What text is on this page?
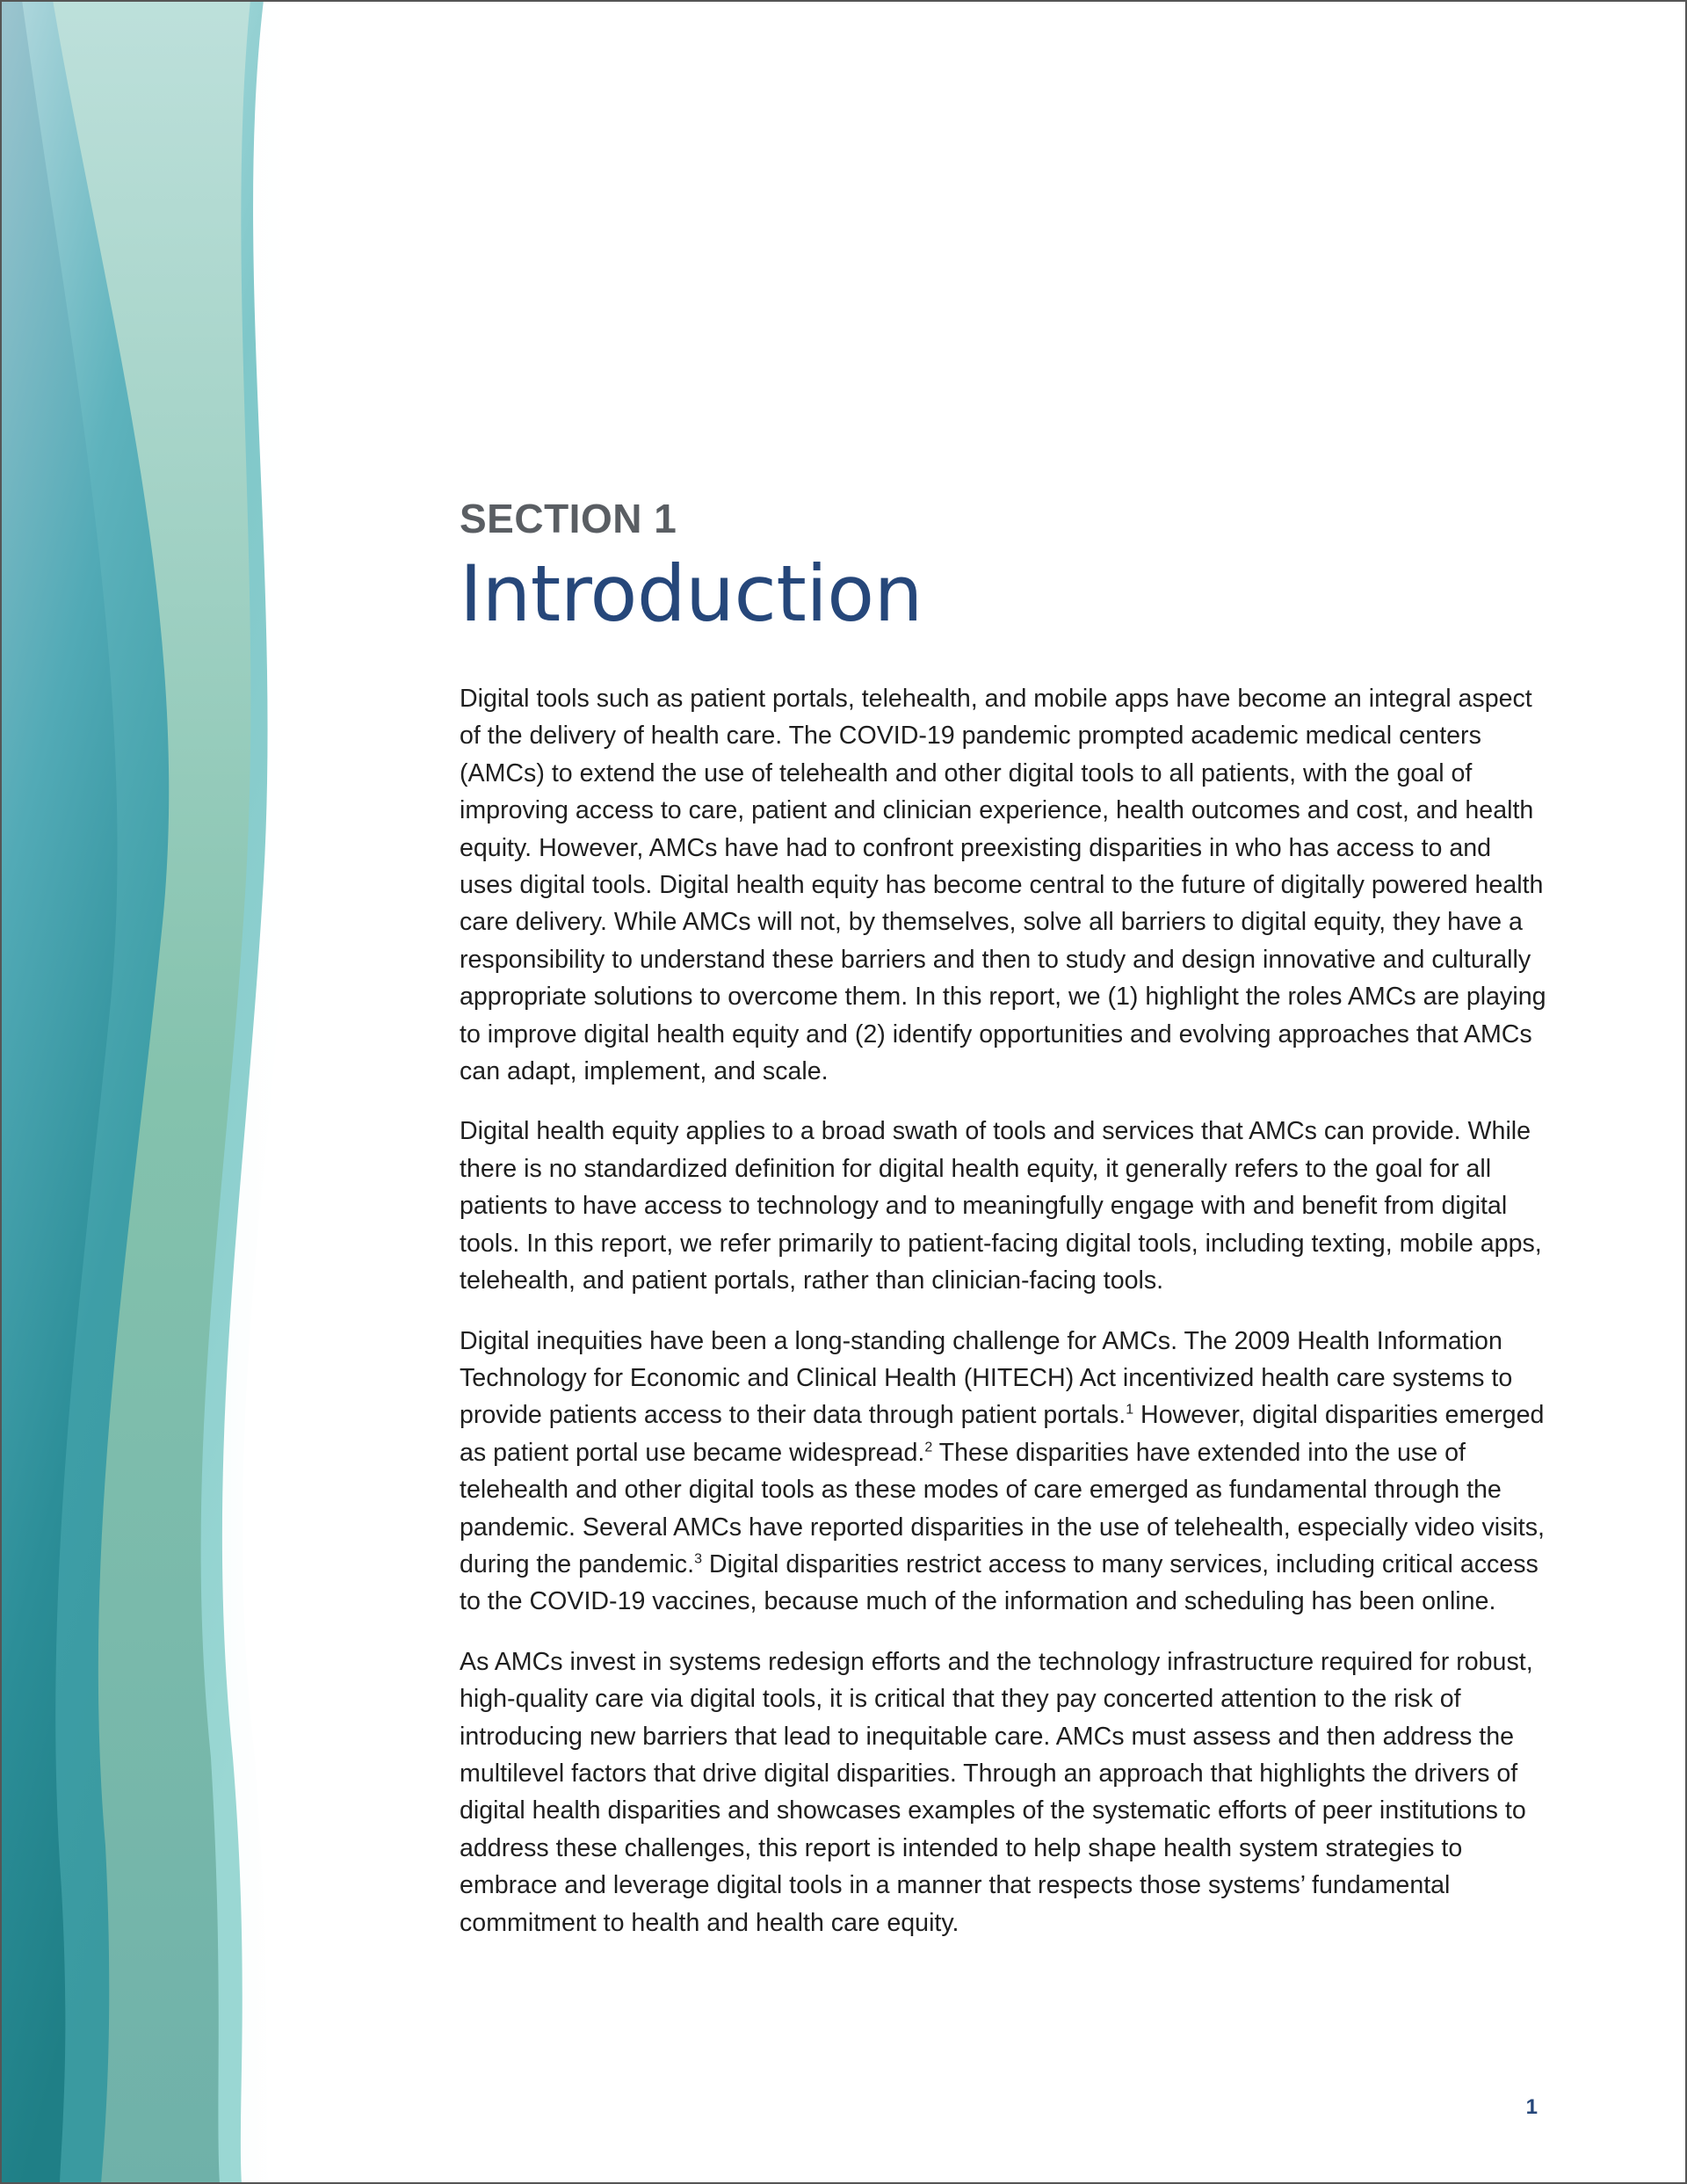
SECTION 1
Introduction

Digital tools such as patient portals, telehealth, and mobile apps have become an integral aspect of the delivery of health care. The COVID-19 pandemic prompted academic medical centers (AMCs) to extend the use of telehealth and other digital tools to all patients, with the goal of improving access to care, patient and clinician experience, health outcomes and cost, and health equity. However, AMCs have had to confront preexisting disparities in who has access to and uses digital tools. Digital health equity has become central to the future of digitally powered health care delivery. While AMCs will not, by themselves, solve all barriers to digital equity, they have a responsibility to understand these barriers and then to study and design innovative and culturally appropriate solutions to overcome them. In this report, we (1) highlight the roles AMCs are playing to improve digital health equity and (2) identify opportunities and evolving approaches that AMCs can adapt, implement, and scale.

Digital health equity applies to a broad swath of tools and services that AMCs can provide. While there is no standardized definition for digital health equity, it generally refers to the goal for all patients to have access to technology and to meaningfully engage with and benefit from digital tools. In this report, we refer primarily to patient-facing digital tools, including texting, mobile apps, telehealth, and patient portals, rather than clinician-facing tools.

Digital inequities have been a long-standing challenge for AMCs. The 2009 Health Information Technology for Economic and Clinical Health (HITECH) Act incentivized health care systems to provide patients access to their data through patient portals.$^1$ However, digital disparities emerged as patient portal use became widespread.$^2$ These disparities have extended into the use of telehealth and other digital tools as these modes of care emerged as fundamental through the pandemic. Several AMCs have reported disparities in the use of telehealth, especially video visits, during the pandemic.$^3$ Digital disparities restrict access to many services, including critical access to the COVID-19 vaccines, because much of the information and scheduling has been online.

As AMCs invest in systems redesign efforts and the technology infrastructure required for robust, high-quality care via digital tools, it is critical that they pay concerted attention to the risk of introducing new barriers that lead to inequitable care. AMCs must assess and then address the multilevel factors that drive digital disparities. Through an approach that highlights the drivers of digital health disparities and showcases examples of the systematic efforts of peer institutions to address these challenges, this report is intended to help shape health system strategies to embrace and leverage digital tools in a manner that respects those systems’ fundamental commitment to health and health care equity.

1
